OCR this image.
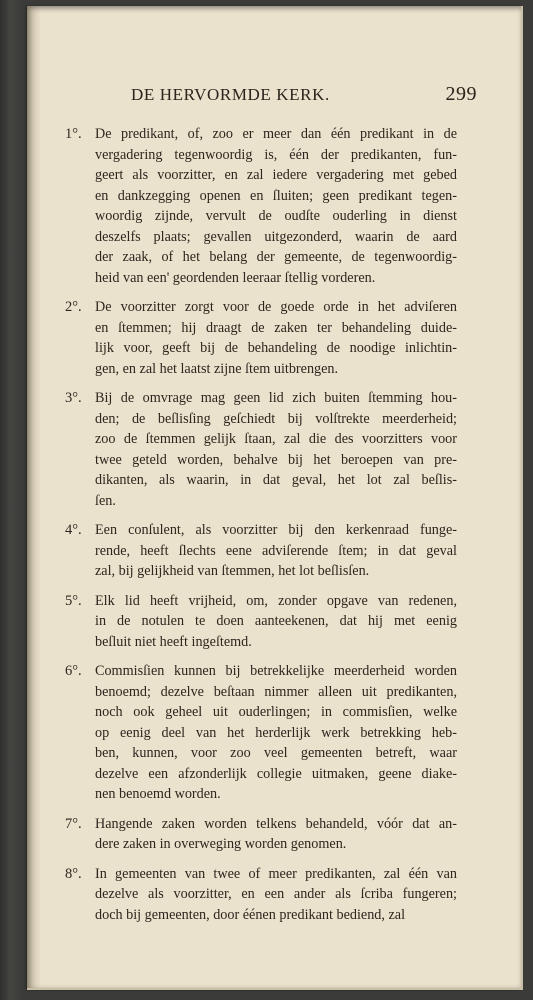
DE HERVORMDE KERK.	299
1°. De predikant, of, zoo er meer dan één predikant in de
vergadering tegenwoordig is, één der predikanten, fun-
geert als voorzitter, en zal iedere vergadering met gebed
en dankzegging openen en ſluiten; geen predikant tegen-
woordig zijnde, vervult de oudſte ouderling in dienst
deszelfs plaats; gevallen uitgezonderd, waarin de aard
der zaak, of het belang der gemeente, de tegenwoordig-
heid van een' geordenden leeraar ſtellig vorderen.
2°. De voorzitter zorgt voor de goede orde in het adviſeren
en ſtemmen; hij draagt de zaken ter behandeling duide-
lijk voor, geeft bij de behandeling de noodige inlichtin-
gen, en zal het laatst zijne ſtem uitbrengen.
3°. Bij de omvrage mag geen lid zich buiten ſtemming hou-
den; de beſlisſing geſchiedt bij volſtrekte meerderheid;
zoo de ſtemmen gelijk ſtaan, zal die des voorzitters voor
twee geteld worden, behalve bij het beroepen van pre-
dikanten, als waarin, in dat geval, het lot zal beſlis-
ſen.
4°. Een conſulent, als voorzitter bij den kerkenraad funge-
rende, heeft ſlechts eene adviſerende ſtem; in dat geval
zal, bij gelijkheid van ſtemmen, het lot beſlisſen.
5°. Elk lid heeft vrijheid, om, zonder opgave van redenen,
in de notulen te doen aanteekenen, dat hij met eenig
beſluit niet heeft ingeſtemd.
6°. Commisſien kunnen bij betrekkelijke meerderheid worden
benoemd; dezelve beſtaan nimmer alleen uit predikanten,
noch ook geheel uit ouderlingen; in commisſien, welke
op eenig deel van het herderlijk werk betrekking heb-
ben, kunnen, voor zoo veel gemeenten betreft, waar
dezelve een afzonderlijk collegie uitmaken, geene diake-
nen benoemd worden.
7°. Hangende zaken worden telkens behandeld, vóór dat an-
dere zaken in overweging worden genomen.
8°. In gemeenten van twee of meer predikanten, zal één van
dezelve als voorzitter, en een ander als ſcriba fungeren;
doch bij gemeenten, door éénen predikant bediend, zal
